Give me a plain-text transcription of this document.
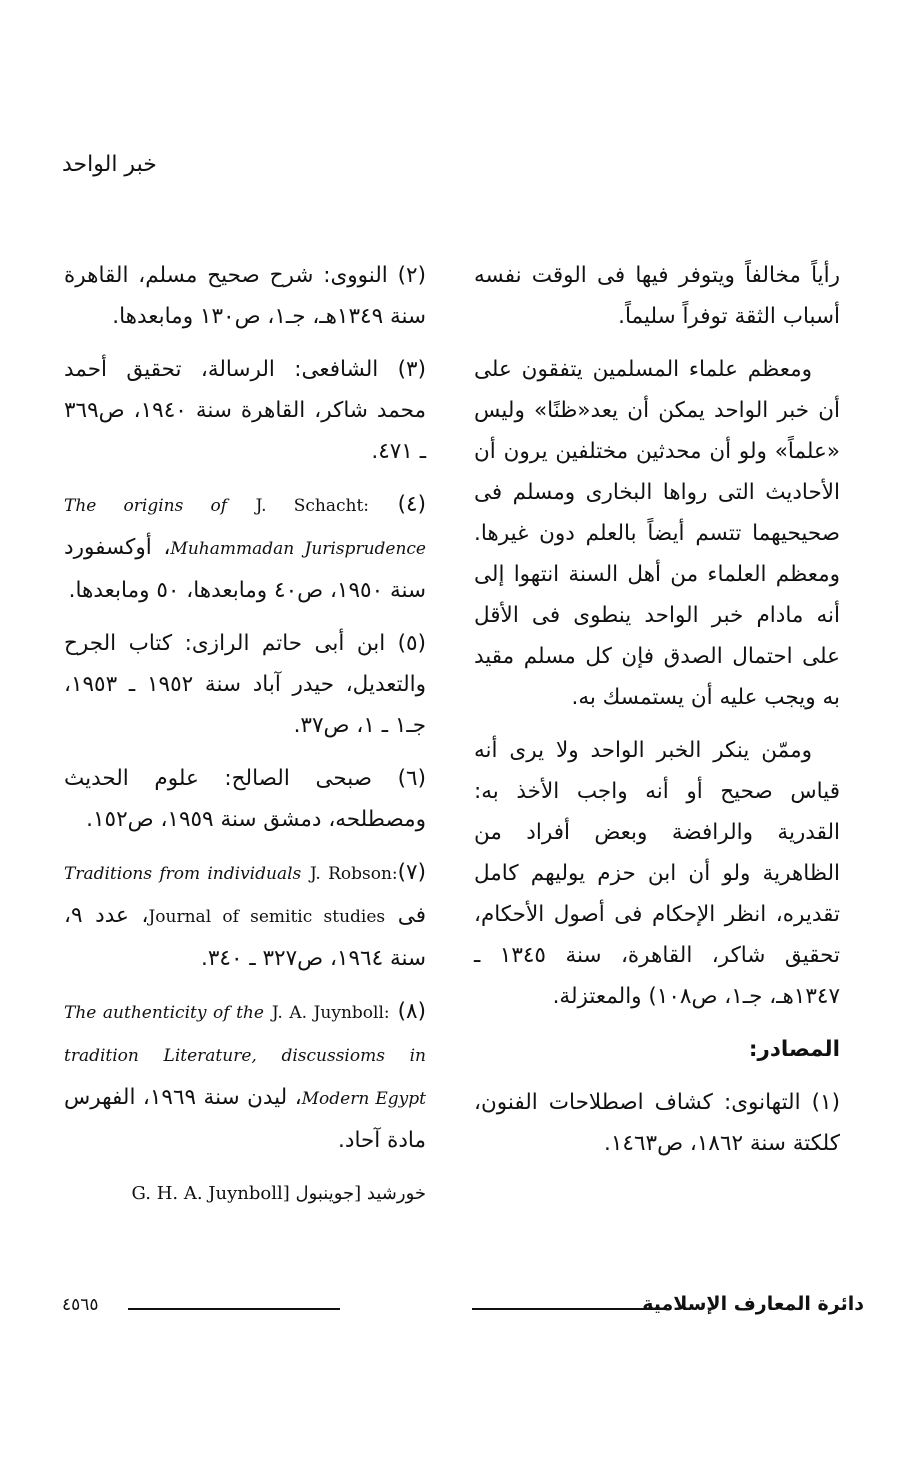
خبر الواحد

رأياً مخالفاً ويتوفر فيها فى الوقت نفسه أسباب الثقة توفراً سليماً.

ومعظم علماء المسلمين يتفقون على أن خبر الواحد يمكن أن يعد«ظنًا» وليس «علماً» ولو أن محدثين مختلفين يرون أن الأحاديث التى رواها البخارى ومسلم فى صحيحيهما تتسم أيضاً بالعلم دون غيرها. ومعظم العلماء من أهل السنة انتهوا إلى أنه مادام خبر الواحد ينطوى فى الأقل على احتمال الصدق فإن كل مسلم مقيد به ويجب عليه أن يستمسك به.

وممّن ينكر الخبر الواحد ولا يرى أنه قياس صحيح أو أنه واجب الأخذ به: القدرية والرافضة وبعض أفراد من الظاهرية ولو أن ابن حزم يوليهم كامل تقديره، انظر الإحكام فى أصول الأحكام، تحقيق شاكر، القاهرة، سنة ١٣٤٥ ـ ١٣٤٧هـ، جـ١، ص١٠٨) والمعتزلة.

المصادر:

(١) التهانوى: كشاف اصطلاحات الفنون، كلكتة سنة ١٨٦٢، ص١٤٦٣.

(٢) النووى: شرح صحيح مسلم، القاهرة سنة ١٣٤٩هـ، جـ١، ص١٣٠ ومابعدها.

(٣) الشافعى: الرسالة، تحقيق أحمد محمد شاكر، القاهرة سنة ١٩٤٠، ص٣٦٩ ـ ٤٧١.

(٤) J. Schacht: The origins of Muhammadan Jurisprudence، أوكسفورد سنة ١٩٥٠، ص٤٠ ومابعدها، ٥٠ ومابعدها.

(٥) ابن أبى حاتم الرازى: كتاب الجرح والتعديل، حيدر آباد سنة ١٩٥٢ ـ ١٩٥٣، جـ١ ـ ١، ص٣٧.

(٦) صبحى الصالح: علوم الحديث ومصطلحه، دمشق سنة ١٩٥٩، ص١٥٢.

(٧)J. Robson: Traditions from individuals فى Journal of semitic studies، عدد ٩، سنة ١٩٦٤، ص٣٢٧ ـ ٣٤٠.

(٨) J. A. Juynboll: The authenticity of the tradition Literature, discussioms in Modern Egypt، ليدن سنة ١٩٦٩، الفهرس مادة آحاد.

خورشيد [جوينبول G. H. A. Juynboll]
٤٥٦٥	دائرة المعارف الإسلامية
